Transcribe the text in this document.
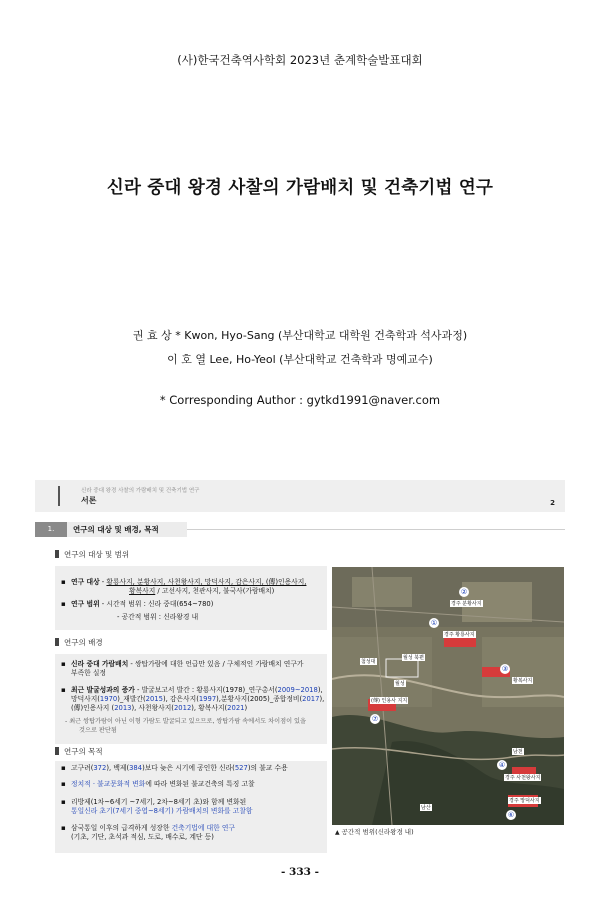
(사)한국건축역사학회 2023년 춘계학술발표대회
신라 중대 왕경 사찰의 가람배치 및 건축기법 연구
권 효 상 * Kwon, Hyo-Sang (부산대학교 대학원 건축학과 석사과정)
이 호 열 Lee, Ho-Yeol (부산대학교 건축학과 명예교수)
* Corresponding Author : gytkd1991@naver.com
신라 중대 왕경 사찰의 가람배치 및 건축기법 연구
서론	2
1.	연구의 대상 및 배경, 목적
연구의 대상 및 범위
▪ 연구 대상 - 황룡사지, 분황사지, 사천왕사지, 망덕사지, 감은사지, (傳)인용사지,
황복사지 / 고선사지, 천관사지, 불국사(가람배치)
▪ 연구 범위 - 시간적 범위 : 신라 중대(654~780)
- 공간적 범위 : 신라왕경 내
연구의 배경
▪ 신라 중대 가람배치 - 쌍탑가람에 대한 언급만 있음 / 구체적인 가람배치 연구가
부족한 실정
▪ 최근 발굴성과의 증가 - 발굴보고서 발간 : 황룡사지(1978)_연구총서(2009~2018),
망덕사지(1970)_재발간(2015), 감은사지(1997),분황사지(2005)_종합정비(2017),
(傳)인용사지 (2013), 사천왕사지(2012), 황복사지(2021)
- 최근 쌍탑가람이 아닌 이형 가람도 발굴되고 있으므로, 쌍탑가람 속에서도 차이점이 있을
것으로 판단됨
연구의 목적
▪ 고구려(372), 백제(384)보다 늦은 시기에 공인한 신라(527)의 불교 수용
▪ 정치적 · 불교문화적 변화에 따라 변화된 불교건축의 특징 고찰
▪ 리방제(1차~6세기 ~7세기, 2차~8세기 초)와 함께 변화된
통일신라 초기(7세기 중엽~8세기) 가람배치의 변화를 고찰함
▪ 삼국통일 이후의 급격하게 성장한 건축기법에 대한 연구
(기초, 기단, 초석과 적심, 도로, 배수로, 계단 등)
②
경주 분황사지
①
경주 황룡사지
월성 북편
첨성대
월성
③
황복사지
(傳) 인용사 지지
⑦
남천
④
경주 사천왕사지
남산
경주 망덕사지
⑥
▲ 공간적 범위(신라왕경 내)
- 333 -
